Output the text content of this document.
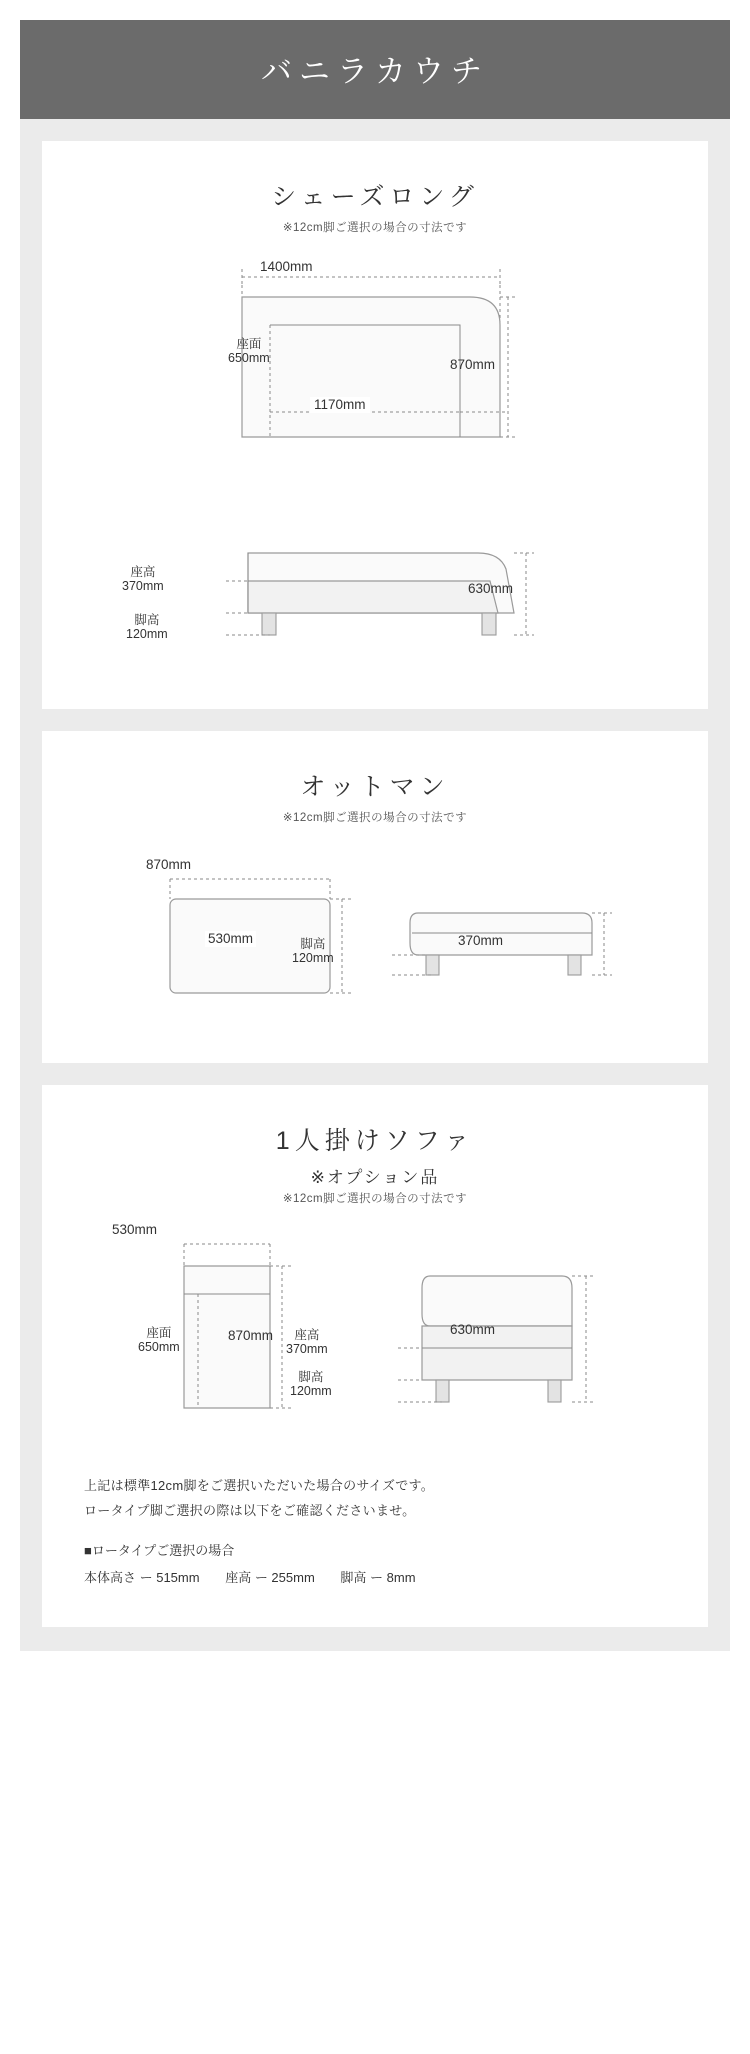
バニラカウチ
シェーズロング
※12cm脚ご選択の場合の寸法です
1400mm
座面
650mm	870mm
1170mm
座高
370mm
脚高
120mm
630mm
オットマン
※12cm脚ご選択の場合の寸法です
870mm
530mm	脚高
120mm
370mm
1人掛けソファ
※オプション品
※12cm脚ご選択の場合の寸法です
530mm
座面
650mm
870mm	座高
370mm
脚高
120mm
630mm
上記は標準12cm脚をご選択いただいた場合のサイズです。
ロータイプ脚ご選択の際は以下をご確認くださいませ。
■ロータイプご選択の場合
本体高さ ー 515mm 座高 ー 255mm 脚高 ー 8mm
